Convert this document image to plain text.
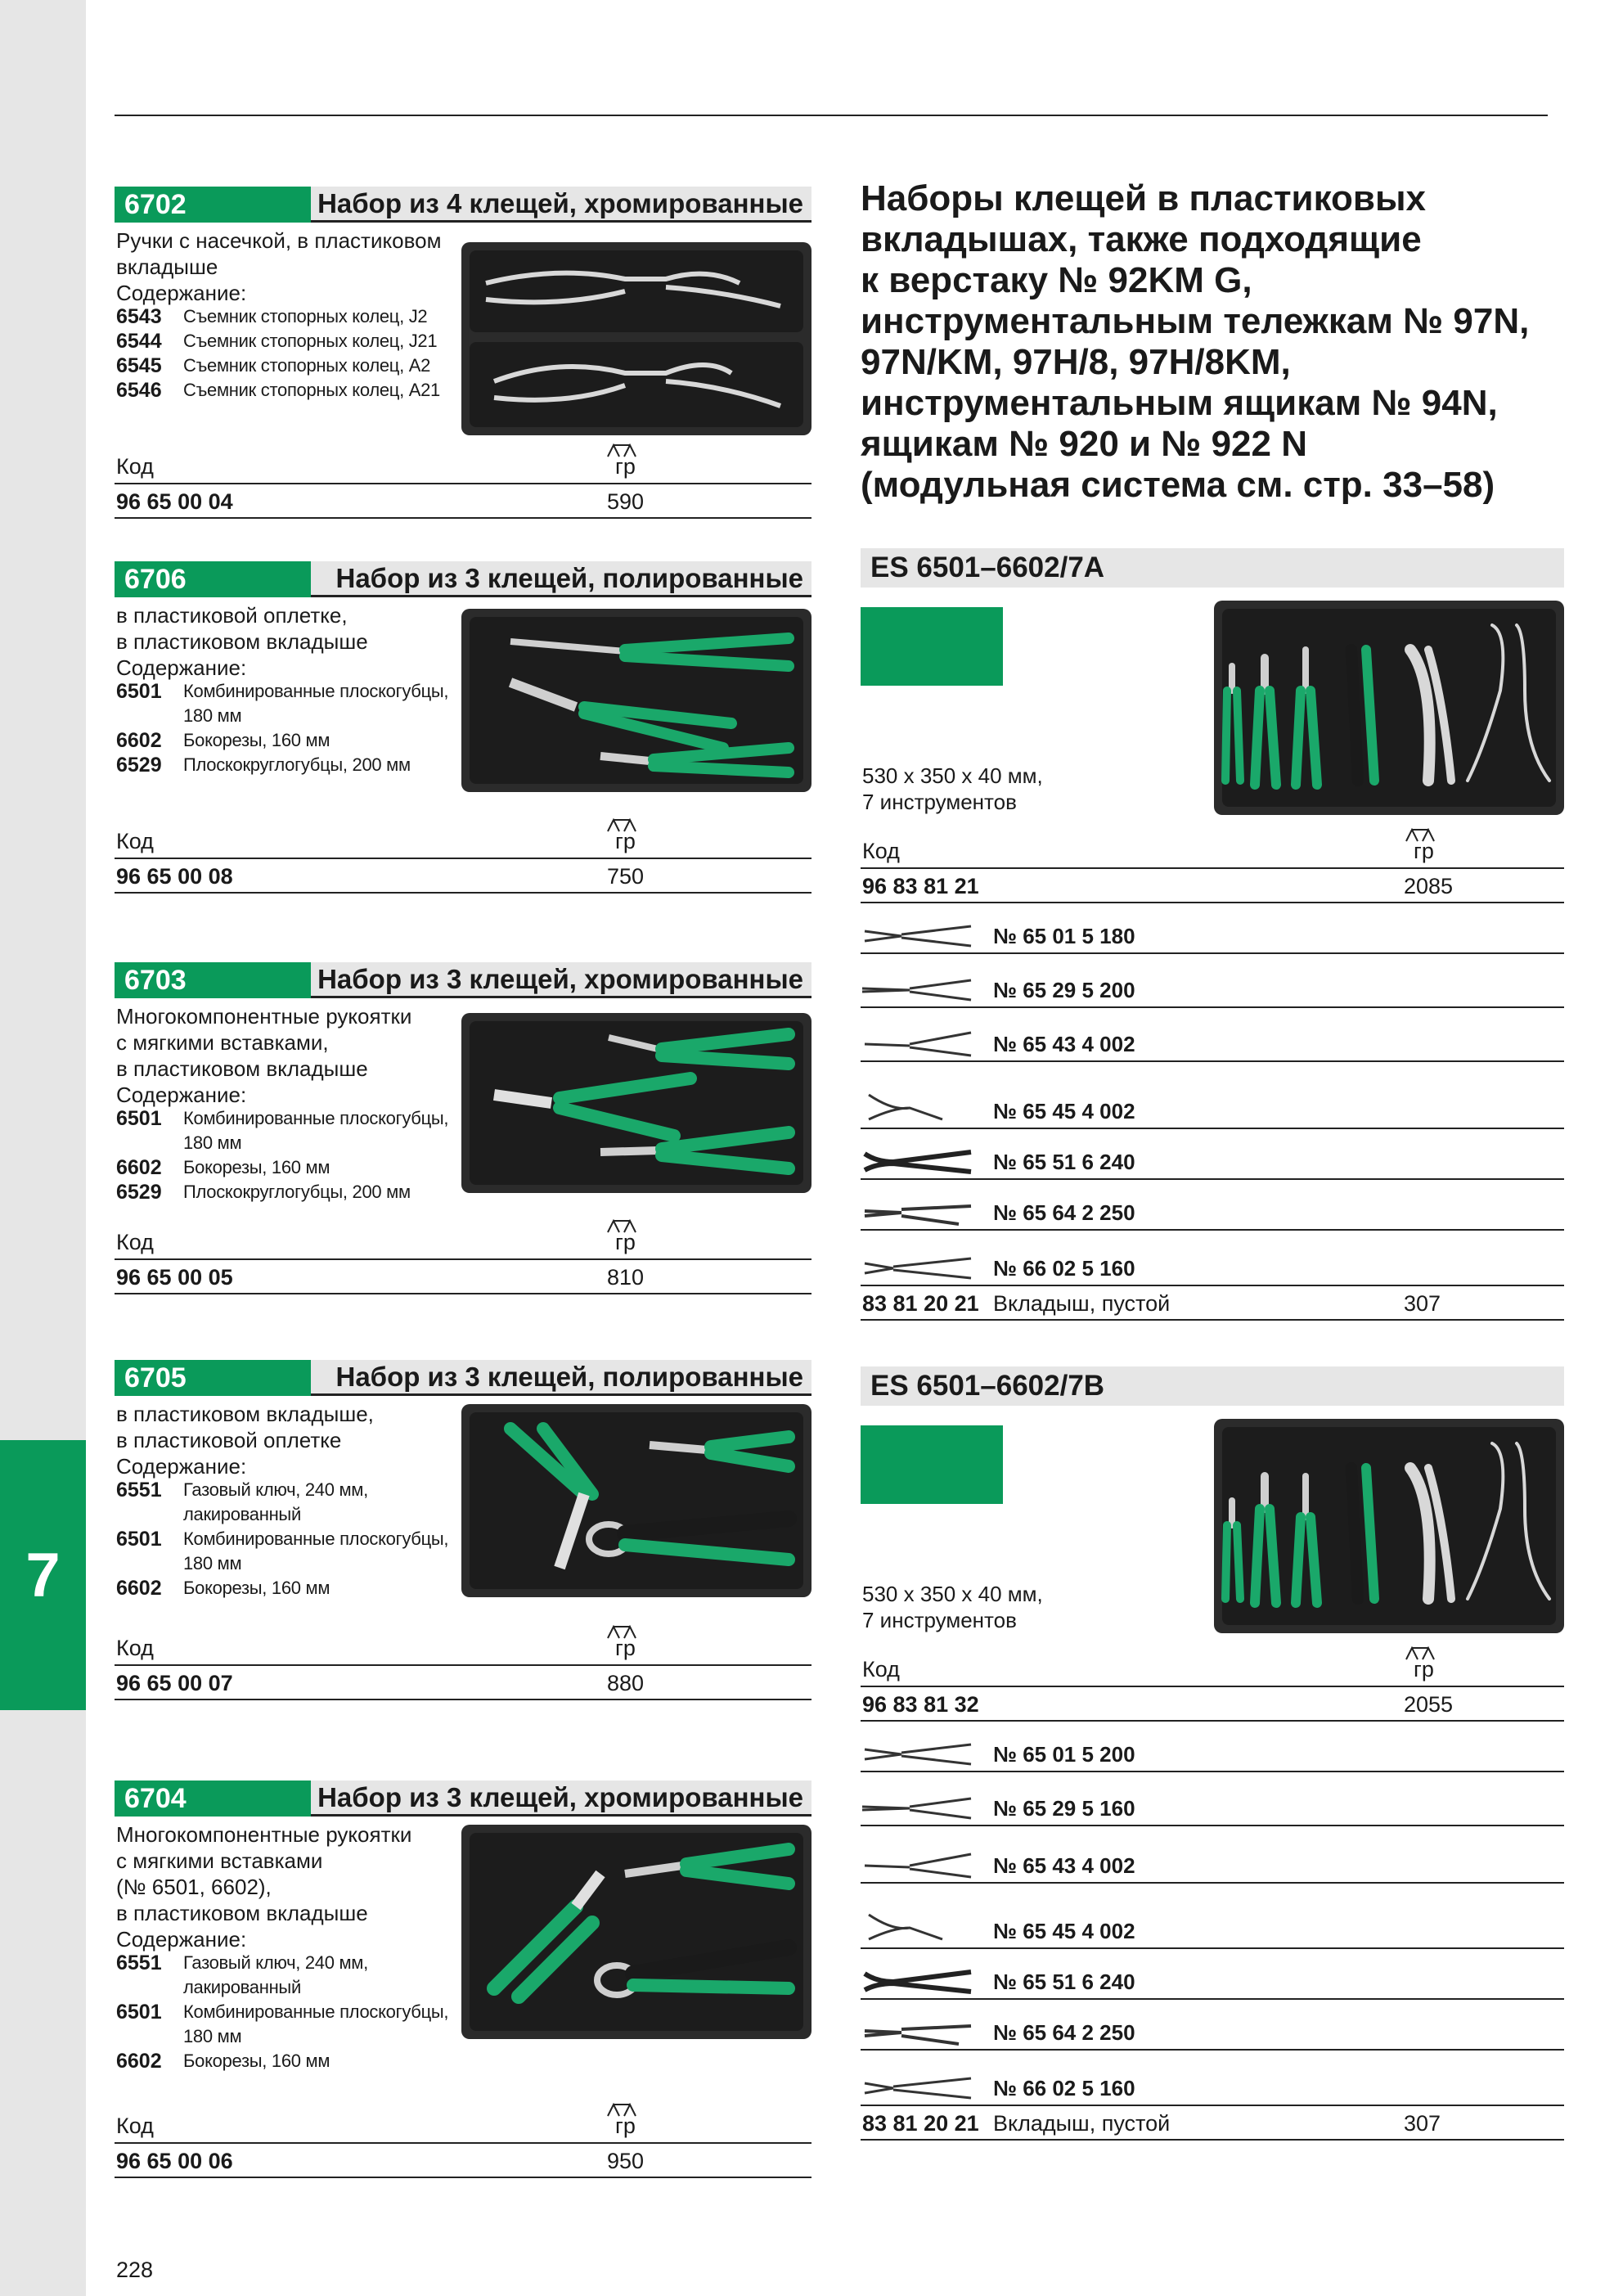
7
6702	Набор из 4 клещей, хромированные
Ручки с насечкой, в пластиковом
вкладыше
Содержание:
6543	Съемник стопорных колец, J2
6544	Съемник стопорных колец, J21
6545	Съемник стопорных колец, A2
6546	Съемник стопорных колец, A21
Код	гр
96 65 00 04	590
6706	Набор из 3 клещей, полированные
в пластиковой оплетке,
в пластиковом вкладыше
Содержание:
6501	Комбинированные плоскогубцы,
180 мм
6602	Бокорезы, 160 мм
6529	Плоскокруглогубцы, 200 мм
Код	гр
96 65 00 08	750
6703	Набор из 3 клещей, хромированные
Многокомпонентные рукоятки
с мягкими вставками,
в пластиковом вкладыше
Содержание:
6501	Комбинированные плоскогубцы,
180 мм
6602	Бокорезы, 160 мм
6529	Плоскокруглогубцы, 200 мм
Код	гр
96 65 00 05	810
6705	Набор из 3 клещей, полированные
в пластиковом вкладыше,
в пластиковой оплетке
Содержание:
6551	Газовый ключ, 240 мм,
лакированный
6501	Комбинированные плоскогубцы,
180 мм
6602	Бокорезы, 160 мм
Код	гр
96 65 00 07	880
6704	Набор из 3 клещей, хромированные
Многокомпонентные рукоятки
с мягкими вставками
(№ 6501, 6602),
в пластиковом вкладыше
Содержание:
6551	Газовый ключ, 240 мм,
лакированный
6501	Комбинированные плоскогубцы,
180 мм
6602	Бокорезы, 160 мм
Код	гр
96 65 00 06	950
Наборы клещей в пластиковых
вкладышах, также подходящие
к верстаку № 92KM G,
инструментальным тележкам № 97N,
97N/KM, 97H/8, 97H/8KM,
инструментальным ящикам № 94N,
ящикам № 920 и № 922 N
(модульная система см. стр. 33–58)
ES 6501–6602/7A
530 x 350 x 40 мм,
7 инструментов
Код	гр
96 83 81 21	2085
№ 65 01 5 180
№ 65 29 5 200
№ 65 43 4 002
№ 65 45 4 002
№ 65 51 6 240
№ 65 64 2 250
№ 66 02 5 160
83 81 20 21 Вкладыш, пустой	307
ES 6501–6602/7B
530 x 350 x 40 мм,
7 инструментов
Код	гр
96 83 81 32	2055
№ 65 01 5 200
№ 65 29 5 160
№ 65 43 4 002
№ 65 45 4 002
№ 65 51 6 240
№ 65 64 2 250
№ 66 02 5 160
83 81 20 21 Вкладыш, пустой	307
228
